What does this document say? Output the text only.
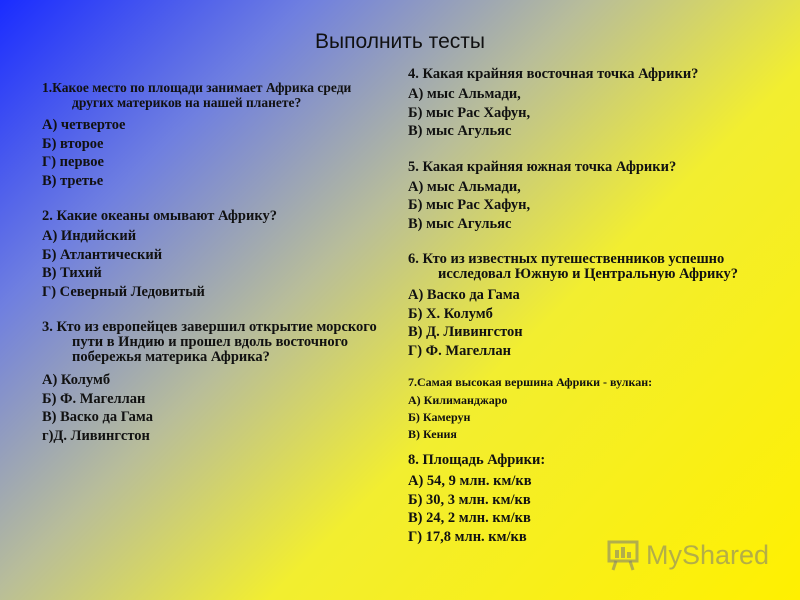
Выполнить тесты
1.Какое место по площади занимает Африка среди других материков на нашей планете?
А) четвертое
Б) второе
Г) первое
В) третье
2. Какие океаны омывают Африку?
А) Индийский
Б) Атлантический
В) Тихий
Г) Северный Ледовитый
3. Кто из европейцев завершил открытие морского пути в Индию и прошел вдоль восточного побережья материка Африка?
А) Колумб
Б) Ф. Магеллан
В) Васко да Гама
г)Д. Ливингстон
4. Какая крайняя восточная точка Африки?
А) мыс Альмади,
Б) мыс Рас Хафун,
В) мыс Агульяс
5. Какая крайняя южная точка Африки?
А) мыс Альмади,
Б) мыс Рас Хафун,
В) мыс Агульяс
6. Кто из известных путешественников успешно исследовал Южную и Центральную Африку?
А) Васко да Гама
Б) Х. Колумб
В) Д. Ливингстон
Г) Ф. Магеллан
7.Самая высокая вершина Африки - вулкан:
А) Килиманджаро
Б) Камерун
В) Кения
8. Площадь Африки:
А) 54, 9 млн. км/кв
Б) 30, 3 млн. км/кв
В) 24, 2 млн. км/кв
Г) 17,8 млн. км/кв
MyShared
